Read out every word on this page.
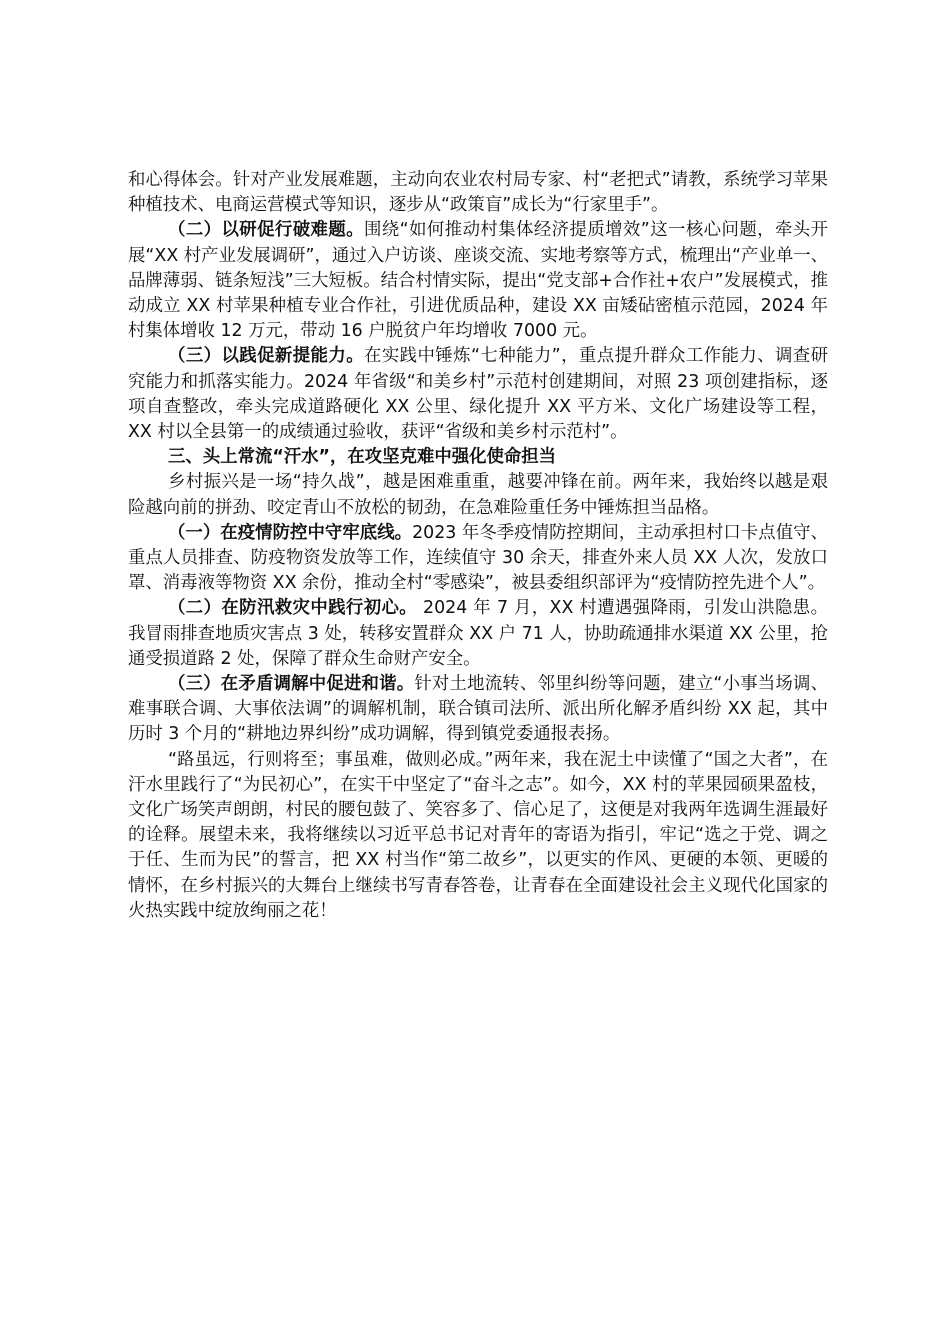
和心得体会。针对产业发展难题，主动向农业农村局专家、村“老把式”请教，系统学习苹果种植技术、电商运营模式等知识，逐步从“政策盲”成长为“行家里手”。

（二）以研促行破难题。围绕“如何推动村集体经济提质增效”这一核心问题，牵头开展“XX 村产业发展调研”，通过入户访谈、座谈交流、实地考察等方式，梳理出“产业单一、品牌薄弱、链条短浅”三大短板。结合村情实际，提出“党支部+合作社+农户”发展模式，推动成立 XX 村苹果种植专业合作社，引进优质品种，建设 XX 亩矮砧密植示范园，2024 年村集体增收 12 万元，带动 16 户脱贫户年均增收 7000 元。

（三）以践促新提能力。在实践中锤炼“七种能力”，重点提升群众工作能力、调查研究能力和抓落实能力。2024 年省级“和美乡村”示范村创建期间，对照 23 项创建指标，逐项自查整改，牵头完成道路硬化 XX 公里、绿化提升 XX 平方米、文化广场建设等工程，XX 村以全县第一的成绩通过验收，获评“省级和美乡村示范村”。

三、头上常流“汗水”，在攻坚克难中强化使命担当

乡村振兴是一场“持久战”，越是困难重重，越要冲锋在前。两年来，我始终以越是艰险越向前的拼劲、咬定青山不放松的韧劲，在急难险重任务中锤炼担当品格。

（一）在疫情防控中守牢底线。2023 年冬季疫情防控期间，主动承担村口卡点值守、重点人员排查、防疫物资发放等工作，连续值守 30 余天，排查外来人员 XX 人次，发放口罩、消毒液等物资 XX 余份，推动全村“零感染”，被县委组织部评为“疫情防控先进个人”。

（二）在防汛救灾中践行初心。 2024 年 7 月，XX 村遭遇强降雨，引发山洪隐患。我冒雨排查地质灾害点 3 处，转移安置群众 XX 户 71 人，协助疏通排水渠道 XX 公里，抢通受损道路 2 处，保障了群众生命财产安全。

（三）在矛盾调解中促进和谐。针对土地流转、邻里纠纷等问题，建立“小事当场调、难事联合调、大事依法调”的调解机制，联合镇司法所、派出所化解矛盾纠纷 XX 起，其中历时 3 个月的“耕地边界纠纷”成功调解，得到镇党委通报表扬。

“路虽远，行则将至；事虽难，做则必成。”两年来，我在泥土中读懂了“国之大者”，在汗水里践行了“为民初心”，在实干中坚定了“奋斗之志”。如今，XX 村的苹果园硕果盈枝，文化广场笑声朗朗，村民的腰包鼓了、笑容多了、信心足了，这便是对我两年选调生涯最好的诠释。展望未来，我将继续以习近平总书记对青年的寄语为指引，牢记“选之于党、调之于任、生而为民”的誓言，把 XX 村当作“第二故乡”，以更实的作风、更硬的本领、更暖的情怀，在乡村振兴的大舞台上继续书写青春答卷，让青春在全面建设社会主义现代化国家的火热实践中绽放绚丽之花！
